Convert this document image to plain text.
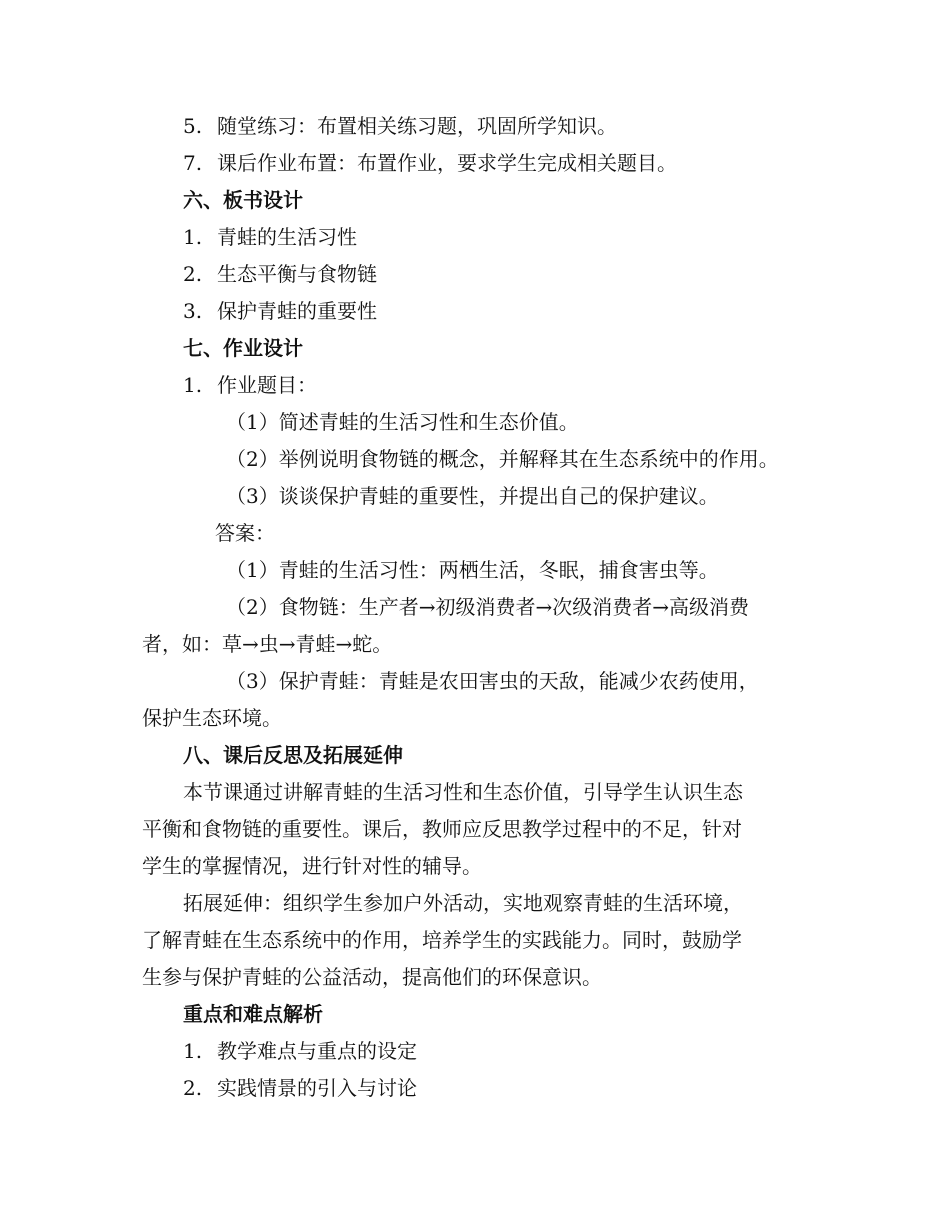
5. 随堂练习：布置相关练习题，巩固所学知识。
7. 课后作业布置：布置作业，要求学生完成相关题目。
六、板书设计
1. 青蛙的生活习性
2. 生态平衡与食物链
3. 保护青蛙的重要性
七、作业设计
1. 作业题目：
（1）简述青蛙的生活习性和生态价值。
（2）举例说明食物链的概念，并解释其在生态系统中的作用。
（3）谈谈保护青蛙的重要性，并提出自己的保护建议。
答案：
（1）青蛙的生活习性：两栖生活，冬眠，捕食害虫等。
（2）食物链：生产者→初级消费者→次级消费者→高级消费
者，如：草→虫→青蛙→蛇。
（3）保护青蛙：青蛙是农田害虫的天敌，能减少农药使用，
保护生态环境。
八、课后反思及拓展延伸
本节课通过讲解青蛙的生活习性和生态价值，引导学生认识生态
平衡和食物链的重要性。课后，教师应反思教学过程中的不足，针对
学生的掌握情况，进行针对性的辅导。
拓展延伸：组织学生参加户外活动，实地观察青蛙的生活环境，
了解青蛙在生态系统中的作用，培养学生的实践能力。同时，鼓励学
生参与保护青蛙的公益活动，提高他们的环保意识。
重点和难点解析
1. 教学难点与重点的设定
2. 实践情景的引入与讨论
